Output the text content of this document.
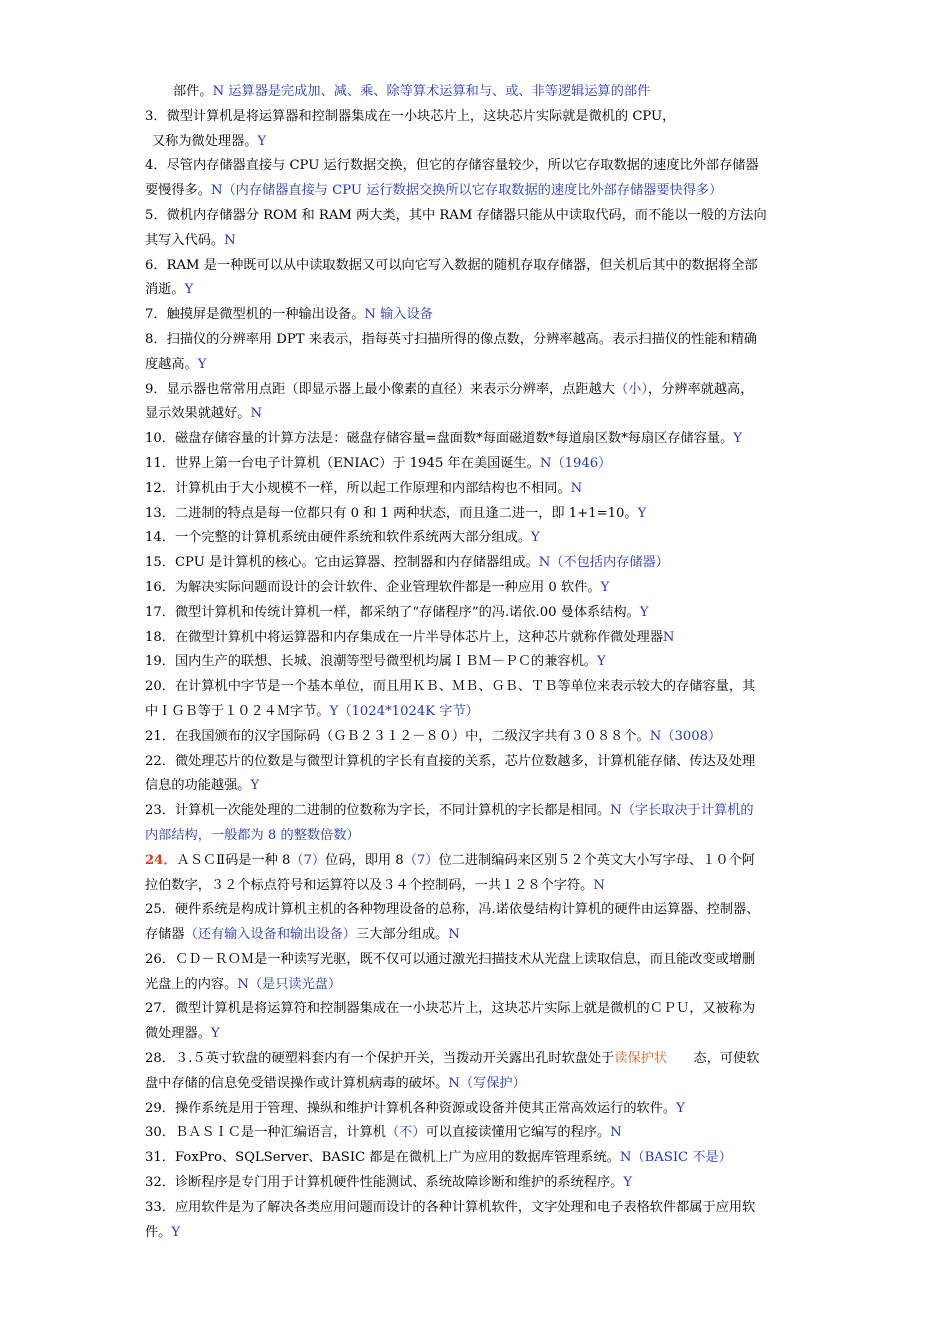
部件。N 运算器是完成加、减、乘、除等算术运算和与、或、非等逻辑运算的部件
3．微型计算机是将运算器和控制器集成在一小块芯片上，这块芯片实际就是微机的 CPU，
又称为微处理器。Y
4．尽管内存储器直接与 CPU 运行数据交换，但它的存储容量较少，所以它存取数据的速度比外部存储器
要慢得多。N（内存储器直接与 CPU 运行数据交换所以它存取数据的速度比外部存储器要快得多）
5．微机内存储器分 ROM 和 RAM 两大类，其中 RAM 存储器只能从中读取代码，而不能以一般的方法向
其写入代码。N
6．RAM 是一种既可以从中读取数据又可以向它写入数据的随机存取存储器，但关机后其中的数据将全部
消逝。Y
7．触摸屏是微型机的一种输出设备。N 输入设备
8．扫描仪的分辨率用 DPT 来表示，指每英寸扫描所得的像点数，分辨率越高。表示扫描仪的性能和精确
度越高。Y
9．显示器也常常用点距（即显示器上最小像素的直径）来表示分辨率，点距越大（小），分辨率就越高，
显示效果就越好。N
10．磁盘存储容量的计算方法是：磁盘存储容量=盘面数*每面磁道数*每道扇区数*每扇区存储容量。Y
11．世界上第一台电子计算机（ENIAC）于 1945 年在美国诞生。N（1946）
12．计算机由于大小规模不一样，所以起工作原理和内部结构也不相同。N
13．二进制的特点是每一位都只有 0 和 1 两种状态，而且逢二进一，即 1+1=10。Y
14．一个完整的计算机系统由硬件系统和软件系统两大部分组成。Y
15．CPU 是计算机的核心。它由运算器、控制器和内存储器组成。N（不包括内存储器）
16．为解决实际问题而设计的会计软件、企业管理软件都是一种应用 0 软件。Y
17．微型计算机和传统计算机一样，都采纳了“存储程序”的冯.诺依.00 曼体系结构。Y
18．在微型计算机中将运算器和内存集成在一片半导体芯片上，这种芯片就称作微处理器N
19．国内生产的联想、长城、浪潮等型号微型机均属ＩＢＭ－ＰＣ的兼容机。Y
20．在计算机中字节是一个基本单位，而且用ＫＢ、ＭＢ、ＧＢ、ＴＢ等单位来表示较大的存储容量，其
中ＩＧＢ等于１０２４Ｍ字节。Y（1024*1024K 字节）
21．在我国颁布的汉字国际码（ＧＢ２３１２－８０）中，二级汉字共有３０８８个。N（3008）
22．微处理芯片的位数是与微型计算机的字长有直接的关系，芯片位数越多，计算机能存储、传达及处理
信息的功能越强。Y
23．计算机一次能处理的二进制的位数称为字长，不同计算机的字长都是相同。N（字长取决于计算机的
内部结构，一般都为 8 的整数倍数）
24．ＡＳＣⅡ码是一种 8（7）位码，即用 8（7）位二进制编码来区别５２个英文大小写字母、１０个阿
拉伯数字，３２个标点符号和运算符以及３４个控制码，一共１２８个字符。N
25．硬件系统是构成计算机主机的各种物理设备的总称，冯.诺依曼结构计算机的硬件由运算器、控制器、
存储器（还有输入设备和输出设备）三大部分组成。N
26．ＣＤ－ＲＯＭ是一种读写光驱，既不仅可以通过激光扫描技术从光盘上读取信息，而且能改变或增删
光盘上的内容。N（是只读光盘）
27．微型计算机是将运算符和控制器集成在一小块芯片上，这块芯片实际上就是微机的ＣＰＵ，又被称为
微处理器。Y
28．３.５英寸软盘的硬塑料套内有一个保护开关，当拨动开关露出孔时软盘处于读保护状　　态，可使软
盘中存储的信息免受错误操作或计算机病毒的破坏。N（写保护）
29．操作系统是用于管理、操纵和维护计算机各种资源或设备并使其正常高效运行的软件。Y
30．ＢＡＳＩＣ是一种汇编语言，计算机（不）可以直接读懂用它编写的程序。N
31．FoxPro、SQLServer、BASIC 都是在微机上广为应用的数据库管理系统。N（BASIC 不是）
32．诊断程序是专门用于计算机硬件性能测试、系统故障诊断和维护的系统程序。Y
33．应用软件是为了解决各类应用问题而设计的各种计算机软件，文字处理和电子表格软件都属于应用软
件。Y
